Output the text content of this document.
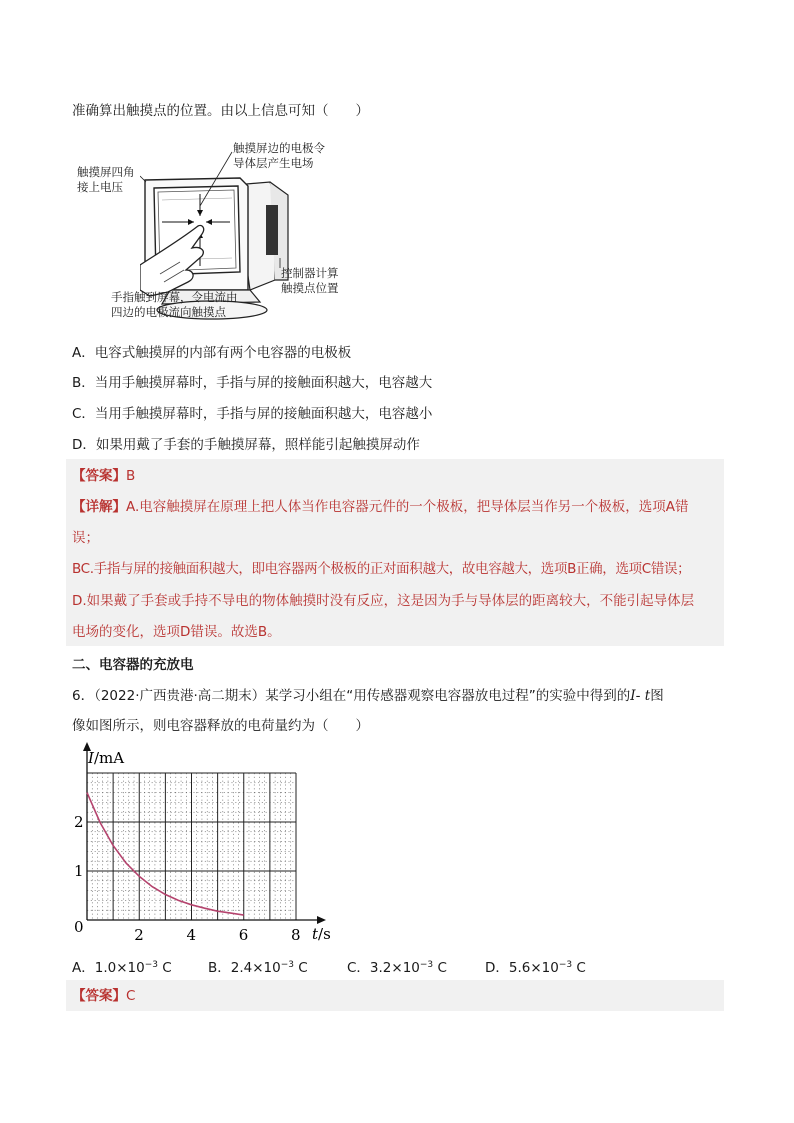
准确算出触摸点的位置。由以上信息可知（　　）
触摸屏边的电极令
导体层产生电场
触摸屏四角
接上电压
控制器计算
触摸点位置
手指触到屏幕，令电流由
四边的电极流向触摸点
A．电容式触摸屏的内部有两个电容器的电极板
B．当用手触摸屏幕时，手指与屏的接触面积越大，电容越大
C．当用手触摸屏幕时，手指与屏的接触面积越大，电容越小
D．如果用戴了手套的手触摸屏幕，照样能引起触摸屏动作
【答案】B
【详解】A.电容触摸屏在原理上把人体当作电容器元件的一个极板，把导体层当作另一个极板，选项A错
误；
BC.手指与屏的接触面积越大，即电容器两个极板的正对面积越大，故电容越大，选项B正确，选项C错误；
D.如果戴了手套或手持不导电的物体触摸时没有反应，这是因为手与导体层的距离较大，不能引起导体层
电场的变化，选项D错误。故选B。
二、电容器的充放电
6．（2022·广西贵港·高二期末）某学习小组在“用传感器观察电容器放电过程”的实验中得到的I- t图
像如图所示，则电容器释放的电荷量约为（　　）
I/mA
t/s
0	2	4	6	8
1
2
A．$1.0\times 10^{-3}$ C	B．$2.4\times 10^{-3}$ C	C．$3.2\times 10^{-3}$ C	D．$5.6\times 10^{-3}$ C
【答案】C
